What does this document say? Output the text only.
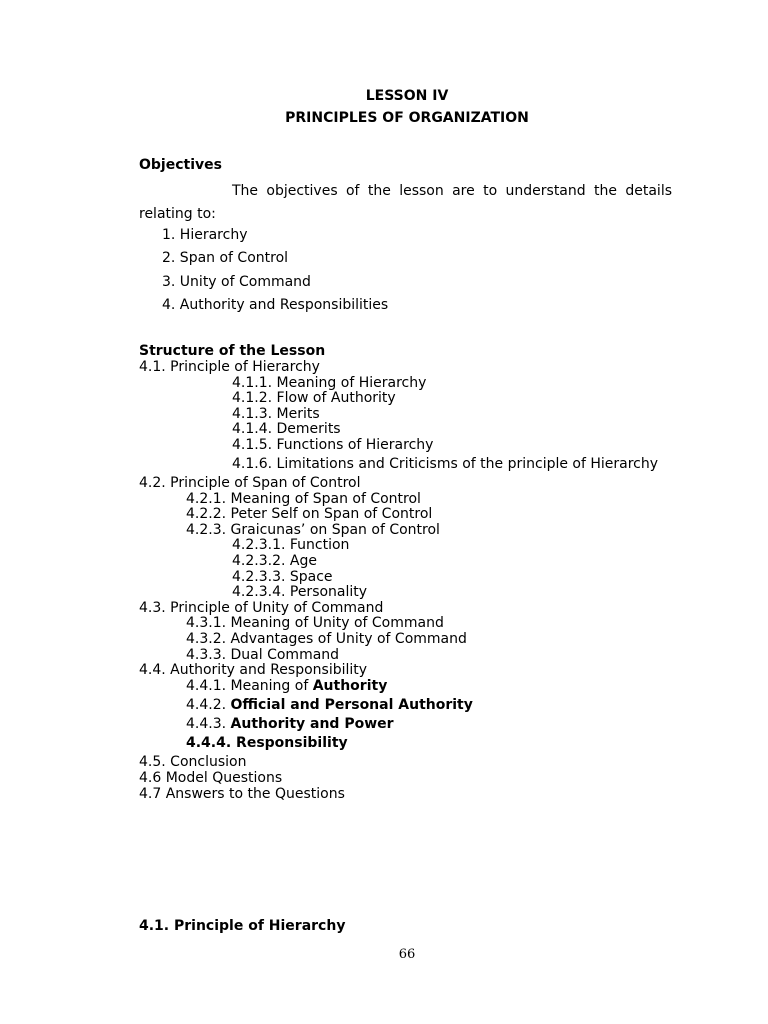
LESSON IV
PRINCIPLES OF ORGANIZATION
Objectives
The objectives of the lesson are to understand the details relating to:
1. Hierarchy
2. Span of Control
3. Unity of Command
4. Authority and Responsibilities
Structure of the Lesson
4.1. Principle of Hierarchy
4.1.1. Meaning of Hierarchy
4.1.2. Flow of Authority
4.1.3. Merits
4.1.4. Demerits
4.1.5. Functions of Hierarchy
4.1.6. Limitations and Criticisms of the principle of Hierarchy
4.2. Principle of Span of Control
4.2.1. Meaning of Span of Control
4.2.2. Peter Self on Span of Control
4.2.3. Graicunas’ on Span of Control
4.2.3.1. Function
4.2.3.2. Age
4.2.3.3. Space
4.2.3.4. Personality
4.3. Principle of Unity of Command
4.3.1. Meaning of Unity of Command
4.3.2. Advantages of Unity of Command
4.3.3. Dual Command
4.4. Authority and Responsibility
4.4.1. Meaning of Authority
4.4.2. Official and Personal Authority
4.4.3. Authority and Power
4.4.4. Responsibility
4.5. Conclusion
4.6 Model Questions
4.7 Answers to the Questions
4.1. Principle of Hierarchy
66
